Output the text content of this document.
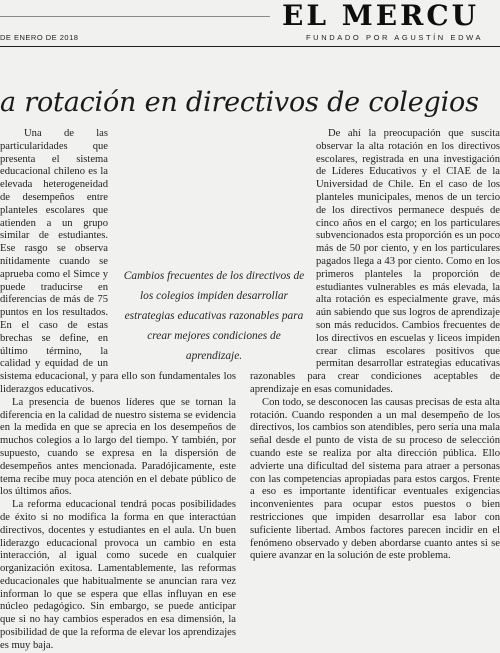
EL MERCU
DE ENERO DE 2018	FUNDADO POR AGUSTÍN EDWA
a rotación en directivos de colegios

Una de las particularidades que presenta el sistema educacional chileno es la elevada heterogeneidad de desempeños entre planteles escolares que atienden a un grupo similar de estudiantes. Ese rasgo se observa nítidamente cuando se aprueba como el Simce y puede traducirse en diferencias de más de 75 puntos en los resultados. En el caso de estas brechas se define, en último término, la calidad y equidad de un sistema educacional, y para ello son fundamentales los liderazgos educativos.

La presencia de buenos líderes que se tornan la diferencia en la calidad de nuestro sistema se evidencia en la medida en que se aprecia en los desempeños de muchos colegios a lo largo del tiempo. Y también, por supuesto, cuando se expresa en la dispersión de desempeños antes mencionada. Paradójicamente, este tema recibe muy poca atención en el debate público de los últimos años.

La reforma educacional tendrá pocas posibilidades de éxito si no modifica la forma en que interactúan directivos, docentes y estudiantes en el aula. Un buen liderazgo educacional provoca un cambio en esta interacción, al igual como sucede en cualquier organización exitosa. Lamentablemente, las reformas educacionales que habitualmente se anuncian rara vez informan lo que se espera que ellas influyan en ese núcleo pedagógico. Sin embargo, se puede anticipar que si no hay cambios esperados en esa dimensión, la posibilidad de que la reforma de elevar los aprendizajes es muy baja.

De ahí la preocupación que suscita observar la alta rotación en los directivos escolares, registrada en una investigación de Líderes Educativos y el CIAE de la Universidad de Chile. En el caso de los planteles municipales, menos de un tercio de los directivos permanece después de cinco años en el cargo; en los particulares subvencionados esta proporción es un poco más de 50 por ciento, y en los particulares pagados llega a 43 por ciento. Como en los primeros planteles la proporción de estudiantes vulnerables es más elevada, la alta rotación es especialmente grave, más aún sabiendo que sus logros de aprendizaje son más reducidos. Cambios frecuentes de los directivos en escuelas y liceos impiden crear climas escolares positivos que permitan desarrollar estrategias educativas razonables para crear condiciones aceptables de aprendizaje en esas comunidades.

Con todo, se desconocen las causas precisas de esta alta rotación. Cuando responden a un mal desempeño de los directivos, los cambios son atendibles, pero sería una mala señal desde el punto de vista de su proceso de selección cuando este se realiza por alta dirección pública. Ello advierte una dificultad del sistema para atraer a personas con las competencias apropiadas para estos cargos. Frente a eso es importante identificar eventuales exigencias inconvenientes para ocupar estos puestos o bien restricciones que impiden desarrollar esa labor con suficiente libertad. Ambos factores parecen incidir en el fenómeno observado y deben abordarse cuanto antes si se quiere avanzar en la solución de este problema.

Cambios frecuentes de los directivos de los colegios impiden desarrollar estrategias educativas razonables para crear mejores condiciones de aprendizaje.
